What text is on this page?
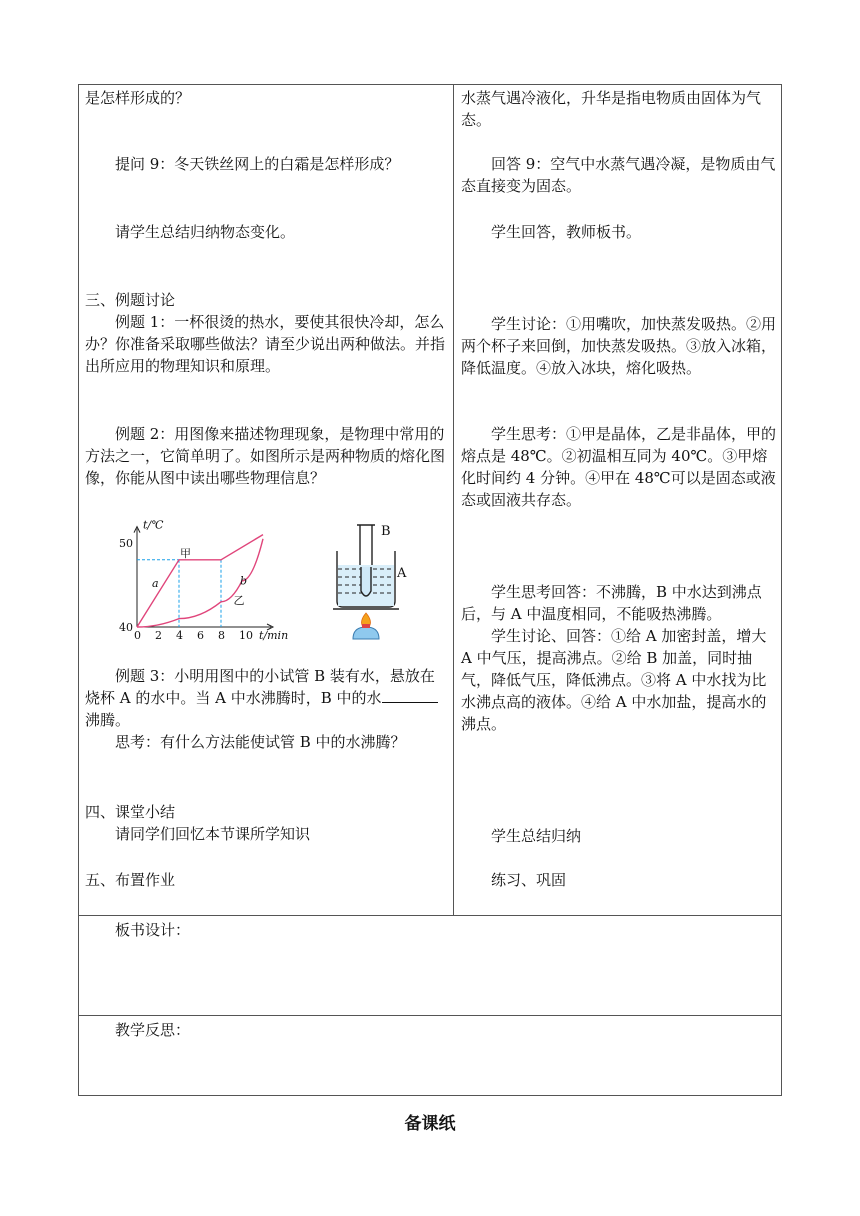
是怎样形成的？
提问 9：冬天铁丝网上的白霜是怎样形成？
请学生总结归纳物态变化。
三、例题讨论
例题 1：一杯很烫的热水，要使其很快冷却，怎么办？你准备采取哪些做法？请至少说出两种做法。并指出所应用的物理知识和原理。
例题 2：用图像来描述物理现象，是物理中常用的方法之一，它简单明了。如图所示是两种物质的熔化图像，你能从图中读出哪些物理信息？
0 2 4 6 8 10
40
50
t/℃
t/min
a	b
甲
乙
B
A
例题 3：小明用图中的小试管 B 装有水，悬放在烧杯 A 的水中。当 A 中水沸腾时，B 中的水沸腾。
思考：有什么方法能使试管 B 中的水沸腾？
四、课堂小结
请同学们回忆本节课所学知识
五、布置作业
水蒸气遇冷液化，升华是指电物质由固体为气态。
回答 9：空气中水蒸气遇冷凝，是物质由气态直接变为固态。
学生回答，教师板书。
学生讨论：①用嘴吹，加快蒸发吸热。②用两个杯子来回倒，加快蒸发吸热。③放入冰箱，降低温度。④放入冰块，熔化吸热。
学生思考：①甲是晶体，乙是非晶体，甲的熔点是 48℃。②初温相互同为 40℃。③甲熔化时间约 4 分钟。④甲在 48℃可以是固态或液态或固液共存态。
学生思考回答：不沸腾，B 中水达到沸点后，与 A 中温度相同，不能吸热沸腾。
学生讨论、回答：①给 A 加密封盖，增大 A 中气压，提高沸点。②给 B 加盖，同时抽气，降低气压，降低沸点。③将 A 中水找为比水沸点高的液体。④给 A 中水加盐，提高水的沸点。
学生总结归纳
练习、巩固
板书设计：
教学反思：
备课纸
